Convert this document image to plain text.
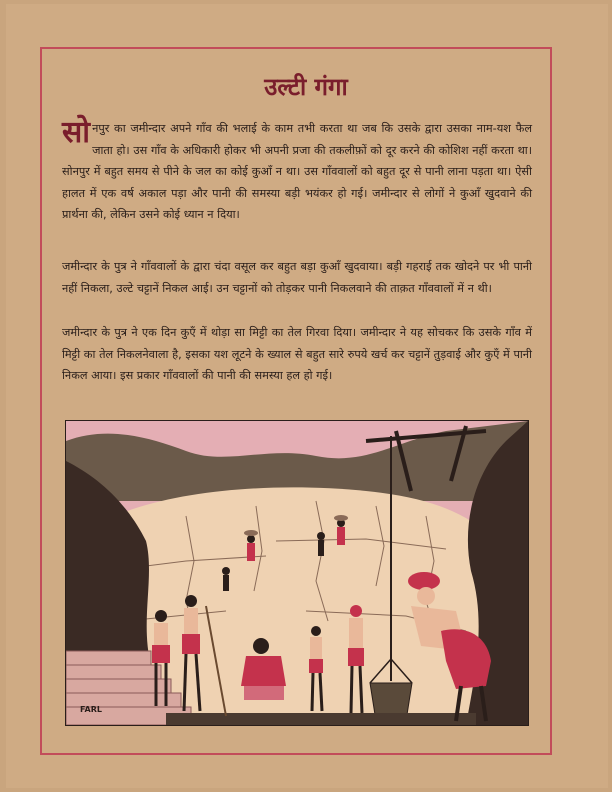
उल्टी गंगा
सोनपुर का जमीन्दार अपने गाँव की भलाई के काम तभी करता था जब कि उसके द्वारा उसका नाम-यश फैल जाता हो। उस गाँव के अधिकारी होकर भी अपनी प्रजा की तकलीफ़ों को दूर करने की कोशिश नहीं करता था। सोनपुर में बहुत समय से पीने के जल का कोई कुआँ न था। उस गाँववालों को बहुत दूर से पानी लाना पड़ता था। ऐसी हालत में एक वर्ष अकाल पड़ा और पानी की समस्या बड़ी भयंकर हो गई। जमीन्दार से लोगों ने कुआँ खुदवाने की प्रार्थना की, लेकिन उसने कोई ध्यान न दिया।
जमीन्दार के पुत्र ने गाँववालों के द्वारा चंदा वसूल कर बहुत बड़ा कुआँ खुदवाया। बड़ी गहराई तक खोदने पर भी पानी नहीं निकला, उल्टे चट्टानें निकल आई। उन चट्टानों को तोड़कर पानी निकलवाने की ताक़त गाँववालों में न थी।
जमीन्दार के पुत्र ने एक दिन कुएँ में थोड़ा सा मिट्टी का तेल गिरवा दिया। जमीन्दार ने यह सोचकर कि उसके गाँव में मिट्टी का तेल निकलनेवाला है, इसका यश लूटने के ख्याल से बहुत सारे रुपये खर्च कर चट्टानें तुड़वाई और कुएँ में पानी निकल आया। इस प्रकार गाँववालों की पानी की समस्या हल हो गई।
FARL
